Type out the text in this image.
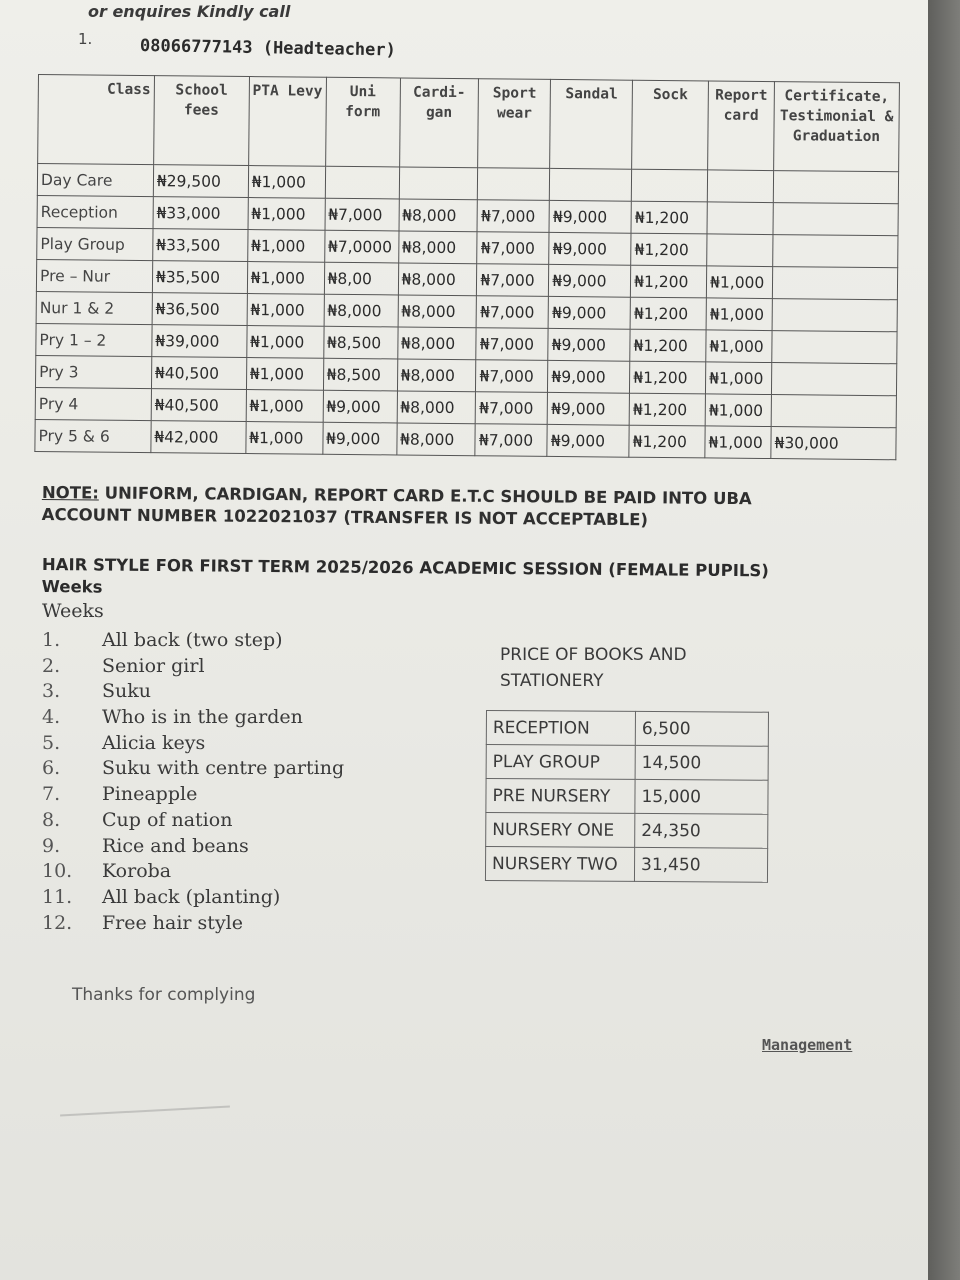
or enquires Kindly call
1.	08066777143 (Headteacher)
Class	School fees	PTA Levy	Uni form	Cardi- gan	Sport wear	Sandal	Sock	Report card	Certificate, Testimonial & Graduation
Day Care	₦29,500	₦1,000							
Reception	₦33,000	₦1,000	₦7,000	₦8,000	₦7,000	₦9,000	₦1,200		
Play Group	₦33,500	₦1,000	₦7,0000	₦8,000	₦7,000	₦9,000	₦1,200		
Pre – Nur	₦35,500	₦1,000	₦8,00	₦8,000	₦7,000	₦9,000	₦1,200	₦1,000	
Nur 1 & 2	₦36,500	₦1,000	₦8,000	₦8,000	₦7,000	₦9,000	₦1,200	₦1,000	
Pry 1 – 2	₦39,000	₦1,000	₦8,500	₦8,000	₦7,000	₦9,000	₦1,200	₦1,000	
Pry 3	₦40,500	₦1,000	₦8,500	₦8,000	₦7,000	₦9,000	₦1,200	₦1,000	
Pry 4	₦40,500	₦1,000	₦9,000	₦8,000	₦7,000	₦9,000	₦1,200	₦1,000	
Pry 5 & 6	₦42,000	₦1,000	₦9,000	₦8,000	₦7,000	₦9,000	₦1,200	₦1,000	₦30,000
NOTE: UNIFORM, CARDIGAN, REPORT CARD E.T.C SHOULD BE PAID INTO UBA ACCOUNT NUMBER 1022021037 (TRANSFER IS NOT ACCEPTABLE)
HAIR STYLE FOR FIRST TERM 2025/2026 ACADEMIC SESSION (FEMALE PUPILS)
Weeks
Weeks
1. All back (two step)
2. Senior girl
3. Suku
4. Who is in the garden
5. Alicia keys
6. Suku with centre parting
7. Pineapple
8. Cup of nation
9. Rice and beans
10. Koroba
11. All back (planting)
12. Free hair style
PRICE OF BOOKS AND
STATIONERY
RECEPTION	6,500
PLAY GROUP	14,500
PRE NURSERY	15,000
NURSERY ONE	24,350
NURSERY TWO	31,450
Thanks for complying
Management
